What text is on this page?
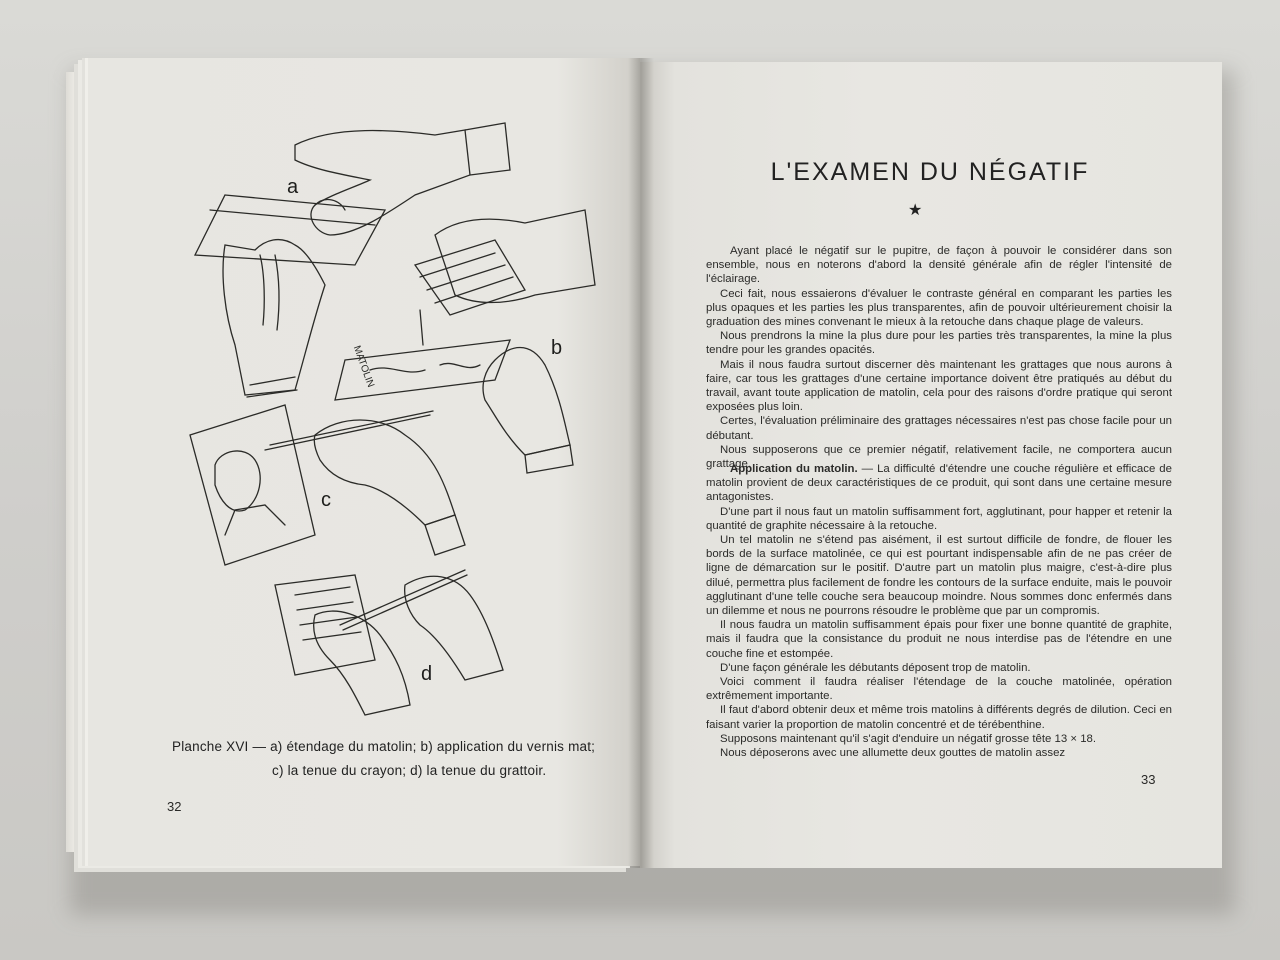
MATOLIN
a
b
c
d
Planche XVI — a) étendage du matolin; b) application du vernis mat;
c) la tenue du crayon; d) la tenue du grattoir.
32
33
L'EXAMEN DU NÉGATIF
★

Ayant placé le négatif sur le pupitre, de façon à pouvoir le considérer dans son ensemble, nous en noterons d'abord la densité générale afin de régler l'intensité de l'éclairage.

Ceci fait, nous essaierons d'évaluer le contraste général en comparant les parties les plus opaques et les parties les plus transparentes, afin de pouvoir ultérieurement choisir la graduation des mines convenant le mieux à la retouche dans chaque plage de valeurs.

Nous prendrons la mine la plus dure pour les parties très transparentes, la mine la plus tendre pour les grandes opacités.

Mais il nous faudra surtout discerner dès maintenant les grattages que nous aurons à faire, car tous les grattages d'une certaine importance doivent être pratiqués au début du travail, avant toute application de matolin, cela pour des raisons d'ordre pratique qui seront exposées plus loin.

Certes, l'évaluation préliminaire des grattages nécessaires n'est pas chose facile pour un débutant.

Nous supposerons que ce premier négatif, relativement facile, ne comportera aucun grattage.

Application du matolin. — La difficulté d'étendre une couche régulière et efficace de matolin provient de deux caractéristiques de ce produit, qui sont dans une certaine mesure antagonistes.

D'une part il nous faut un matolin suffisamment fort, agglutinant, pour happer et retenir la quantité de graphite nécessaire à la retouche.

Un tel matolin ne s'étend pas aisément, il est surtout difficile de fondre, de flouer les bords de la surface matolinée, ce qui est pourtant indispensable afin de ne pas créer de ligne de démarcation sur le positif. D'autre part un matolin plus maigre, c'est-à-dire plus dilué, permettra plus facilement de fondre les contours de la surface enduite, mais le pouvoir agglutinant d'une telle couche sera beaucoup moindre. Nous sommes donc enfermés dans un dilemme et nous ne pourrons résoudre le problème que par un compromis.

Il nous faudra un matolin suffisamment épais pour fixer une bonne quantité de graphite, mais il faudra que la consistance du produit ne nous interdise pas de l'étendre en une couche fine et estompée.

D'une façon générale les débutants déposent trop de matolin.

Voici comment il faudra réaliser l'étendage de la couche matolinée, opération extrêmement importante.

Il faut d'abord obtenir deux et même trois matolins à différents degrés de dilution. Ceci en faisant varier la proportion de matolin concentré et de térébenthine.

Supposons maintenant qu'il s'agit d'enduire un négatif grosse tête 13 × 18.

Nous déposerons avec une allumette deux gouttes de matolin assez
